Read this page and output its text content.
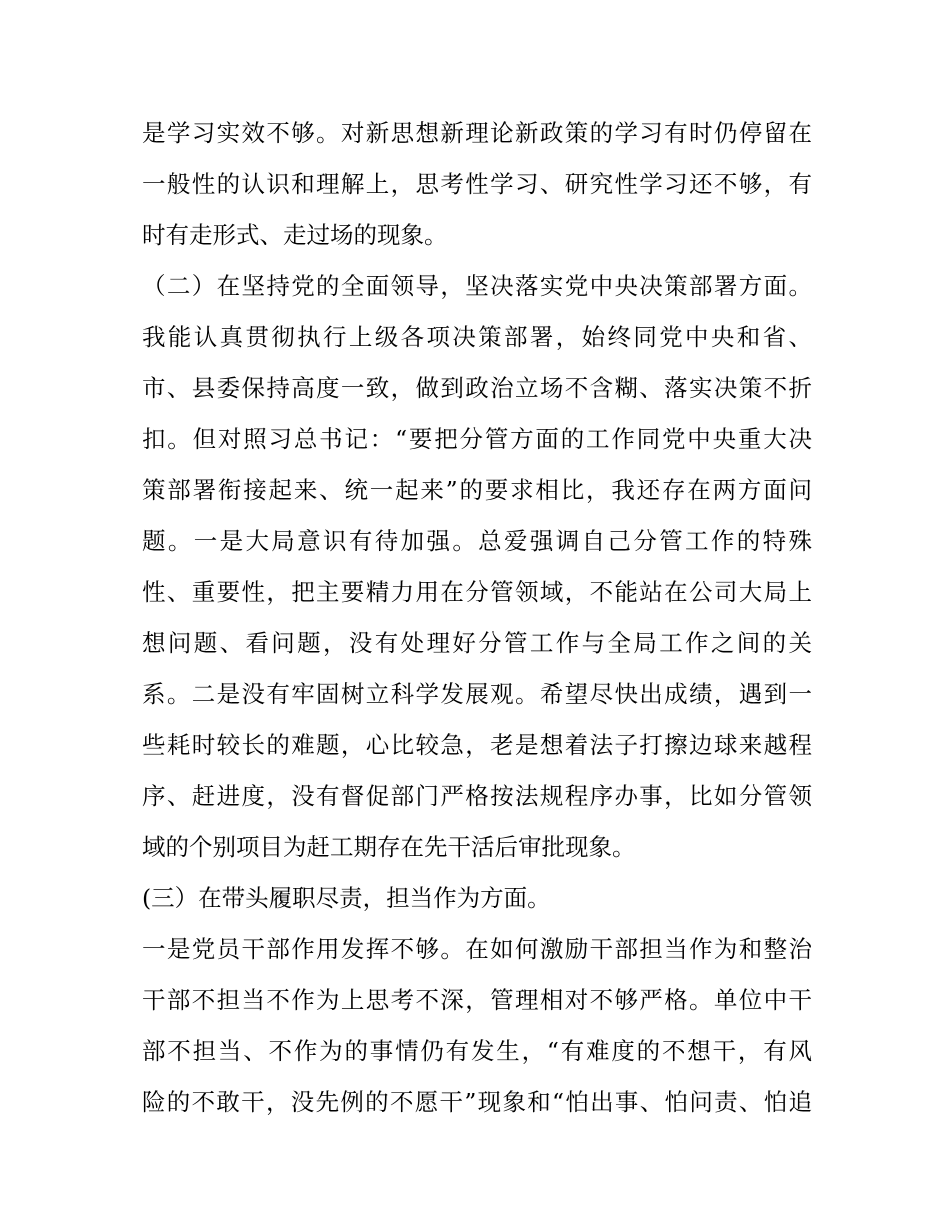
是学习实效不够。对新思想新理论新政策的学习有时仍停留在
一般性的认识和理解上，思考性学习、研究性学习还不够，有
时有走形式、走过场的现象。
（二）在坚持党的全面领导，坚决落实党中央决策部署方面。
我能认真贯彻执行上级各项决策部署，始终同党中央和省、
市、县委保持高度一致，做到政治立场不含糊、落实决策不折
扣。但对照习总书记：“要把分管方面的工作同党中央重大决
策部署衔接起来、统一起来”的要求相比，我还存在两方面问
题。一是大局意识有待加强。总爱强调自己分管工作的特殊
性、重要性，把主要精力用在分管领域，不能站在公司大局上
想问题、看问题，没有处理好分管工作与全局工作之间的关
系。二是没有牢固树立科学发展观。希望尽快出成绩，遇到一
些耗时较长的难题，心比较急，老是想着法子打擦边球来越程
序、赶进度，没有督促部门严格按法规程序办事，比如分管领
域的个别项目为赶工期存在先干活后审批现象。
(三）在带头履职尽责，担当作为方面。
一是党员干部作用发挥不够。在如何激励干部担当作为和整治
干部不担当不作为上思考不深，管理相对不够严格。单位中干
部不担当、不作为的事情仍有发生，“有难度的不想干，有风
险的不敢干，没先例的不愿干”现象和“怕出事、怕问责、怕追
